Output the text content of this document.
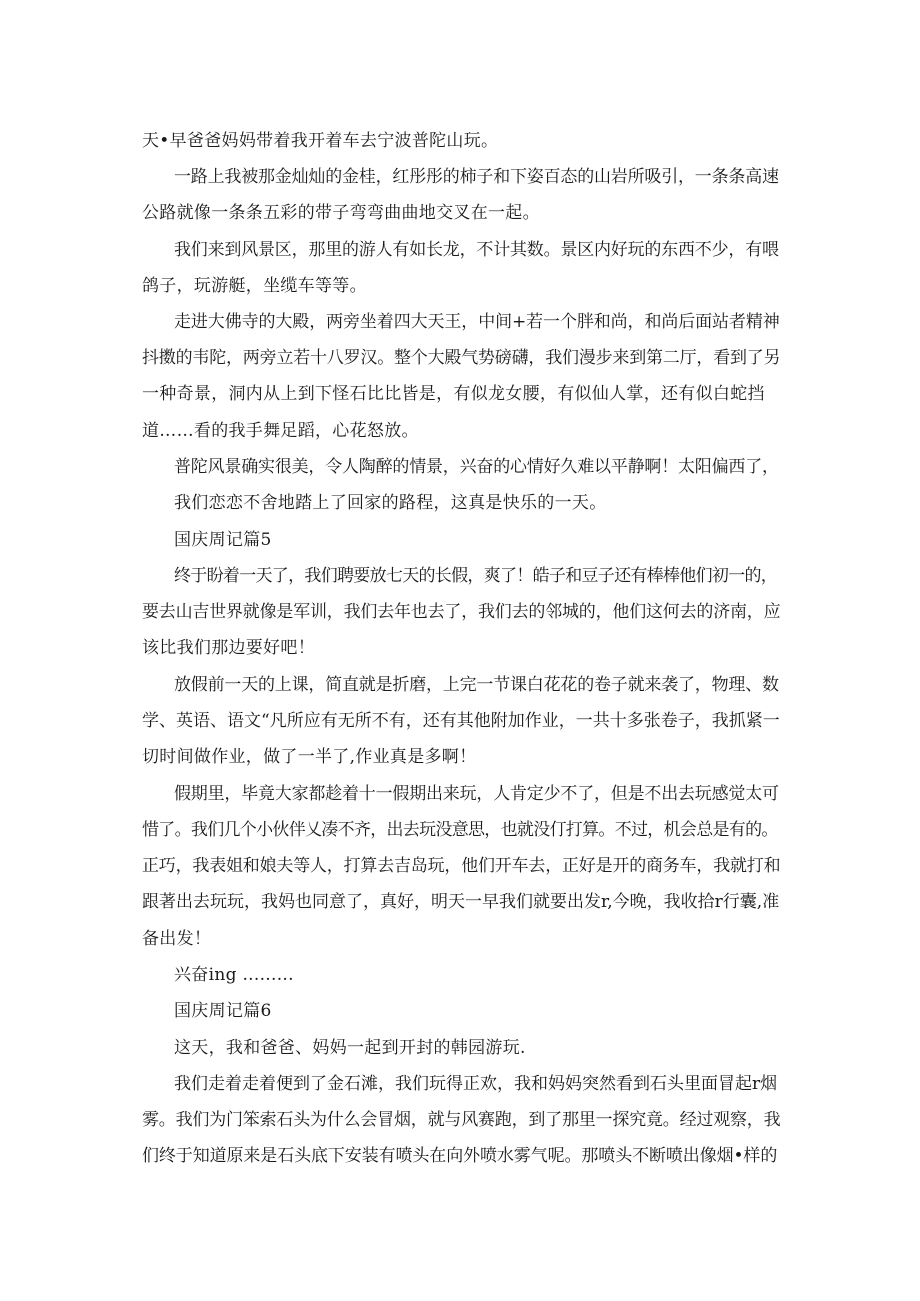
天•早爸爸妈妈带着我开着车去宁波普陀山玩。
一路上我被那金灿灿的金桂，红彤彤的柿子和下姿百态的山岩所吸引，一条条高速
公路就像一条条五彩的带子弯弯曲曲地交叉在一起。
我们来到风景区，那里的游人有如长龙，不计其数。景区内好玩的东西不少，有喂
鸽子，玩游艇，坐缆车等等。
走进大佛寺的大殿，两旁坐着四大天王，中间+若一个胖和尚，和尚后面站者精神
抖擞的韦陀，两旁立若十八罗汉。整个大殿气势磅礴，我们漫步来到第二厅，看到了另
一种奇景，洞内从上到下怪石比比皆是，有似龙女腰，有似仙人掌，还有似白蛇挡
道……看的我手舞足蹈，心花怒放。
普陀风景确实很美，令人陶醉的情景，兴奋的心情好久难以平静啊！太阳偏西了，
我们恋恋不舍地踏上了回家的路程，这真是快乐的一天。
国庆周记篇5
终于盼着一天了，我们聘要放七天的长假，爽了！皓子和豆子还有棒棒他们初一的，
要去山吉世界就像是军训，我们去年也去了，我们去的邻城的，他们这何去的济南，应
该比我们那边要好吧！
放假前一天的上课，简直就是折磨，上完一节课白花花的卷子就来袭了，物理、数
学、英语、语文“凡所应有无所不有，还有其他附加作业，一共十多张卷子，我抓紧一
切时间做作业，做了一半了,作业真是多啊！
假期里，毕竟大家都趁着十一假期出来玩，人肯定少不了，但是不出去玩感觉太可
惜了。我们几个小伙伴乂凑不齐，出去玩没意思，也就没仃打算。不过，机会总是有的。
正巧，我表姐和娘夫等人，打算去吉岛玩，他们开车去，正好是开的商务车，我就打和
跟著出去玩玩，我妈也同意了，真好，明天一早我们就要出发r,今晚，我收拾r行囊,准
备出发！
兴奋ing .........
国庆周记篇6
这天，我和爸爸、妈妈一起到开封的韩园游玩.
我们走着走着便到了金石滩，我们玩得正欢，我和妈妈突然看到石头里面冒起r烟
雾。我们为门笨索石头为什么会冒烟，就与风赛跑，到了那里一探究竟。经过观察，我
们终于知道原来是石头底下安装有喷头在向外喷水雾气呢。那喷头不断喷出像烟•样的
